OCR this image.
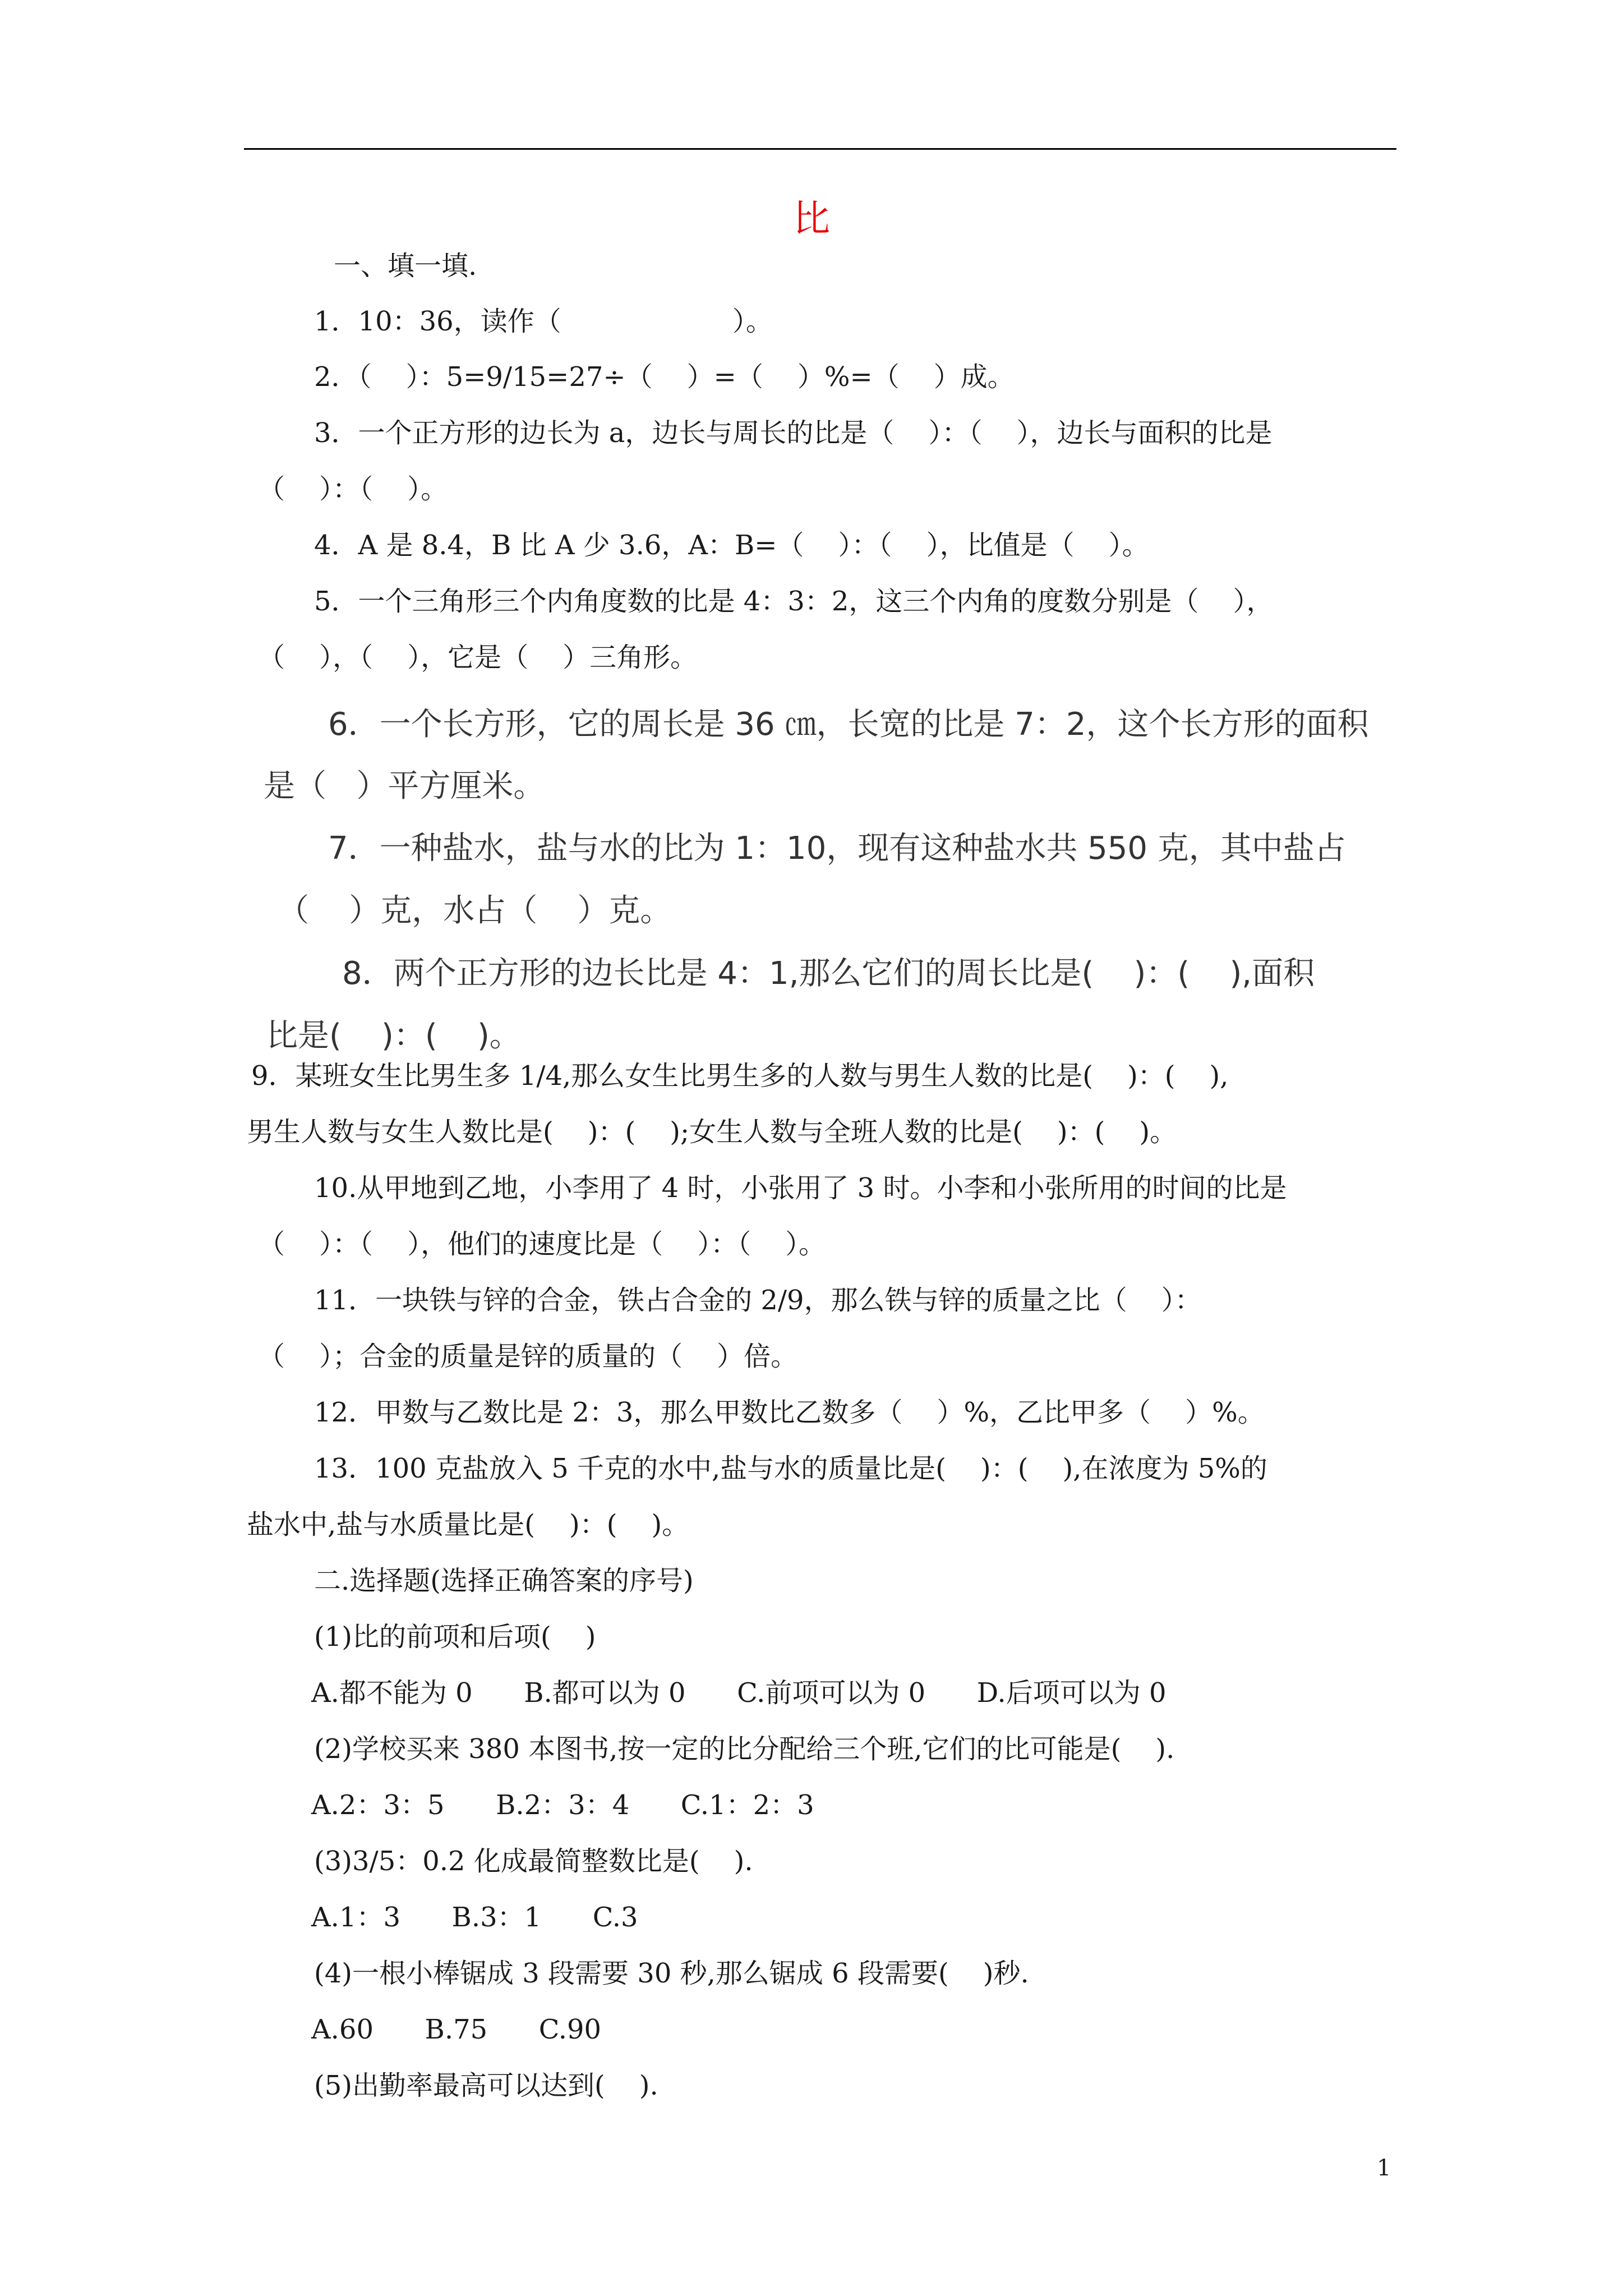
比
一、填一填.
1．10：36，读作（                    ）。
2．（    ）：5=9/15=27÷（    ）=（    ）%=（    ）成。
3．一个正方形的边长为 a，边长与周长的比是（    ）：（    ），边长与面积的比是
（    ）：（    ）。
4．A 是 8.4，B 比 A 少 3.6，A：B=（    ）：（    ），比值是（    ）。
5．一个三角形三个内角度数的比是 4：3：2，这三个内角的度数分别是（    ），
（    ），（    ），它是（    ）三角形。
6．一个长方形，它的周长是 36 ㎝，长宽的比是 7：2，这个长方形的面积
是（   ）平方厘米。
7．一种盐水，盐与水的比为 1：10，现有这种盐水共 550 克，其中盐占
（    ）克，水占（    ）克。
8．两个正方形的边长比是 4：1,那么它们的周长比是(    )：(    ),面积
比是(    )：(    )。
9．某班女生比男生多 1/4,那么女生比男生多的人数与男生人数的比是(    )：(    ),
男生人数与女生人数比是(    )：(    );女生人数与全班人数的比是(    )：(    )。
10.从甲地到乙地，小李用了 4 时，小张用了 3 时。小李和小张所用的时间的比是
（    ）：（    ），他们的速度比是（    ）：（    ）。
11．一块铁与锌的合金，铁占合金的 2/9，那么铁与锌的质量之比（    ）：
（    ）；合金的质量是锌的质量的（    ）倍。
12．甲数与乙数比是 2：3，那么甲数比乙数多（    ）%，乙比甲多（    ）%。
13．100 克盐放入 5 千克的水中,盐与水的质量比是(    )：(    ),在浓度为 5%的
盐水中,盐与水质量比是(    )：(    )。
二.选择题(选择正确答案的序号)
(1)比的前项和后项(    )
A.都不能为 0      B.都可以为 0      C.前项可以为 0      D.后项可以为 0
(2)学校买来 380 本图书,按一定的比分配给三个班,它们的比可能是(    ).
A.2：3：5      B.2：3：4      C.1：2：3
(3)3/5：0.2 化成最简整数比是(    ).
A.1：3      B.3：1      C.3
(4)一根小棒锯成 3 段需要 30 秒,那么锯成 6 段需要(    )秒.
A.60      B.75      C.90
(5)出勤率最高可以达到(    ).
1
